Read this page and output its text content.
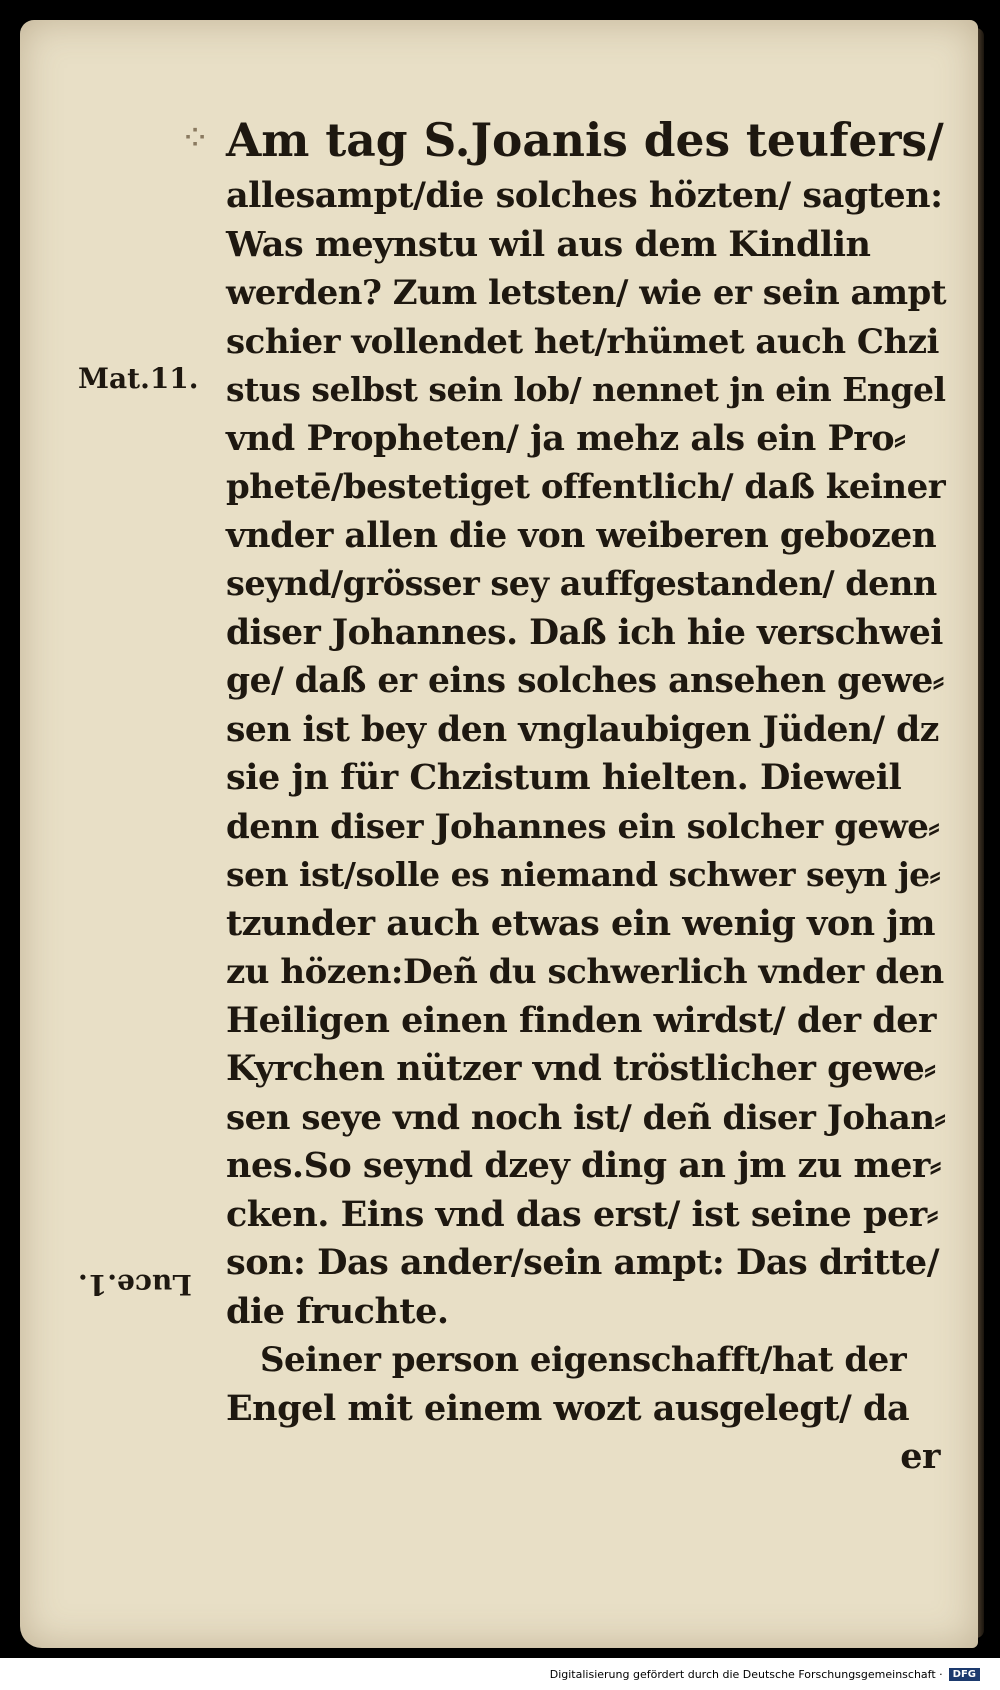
⁘
Mat.11.
Luce.1.
Am tag S.Joanis des teufers/
allesampt/die solches hözten/ sagten:
Was meynstu wil aus dem Kindlin
werden? Zum letsten/ wie er sein ampt
schier vollendet het/rhümet auch Chzi
stus selbst sein lob/ nennet jn ein Engel
vnd Propheten/ ja mehz als ein Pro⸗
phetē/bestetiget offentlich/ daß keiner
vnder allen die von weiberen gebozen
seynd/grösser sey auffgestanden/ denn
diser Johannes. Daß ich hie verschwei
ge/ daß er eins solches ansehen gewe⸗
sen ist bey den vnglaubigen Jüden/ dz
sie jn für Chzistum hielten. Dieweil
denn diser Johannes ein solcher gewe⸗
sen ist/solle es niemand schwer seyn je⸗
tzunder auch etwas ein wenig von jm
zu hözen:Deñ du schwerlich vnder den
Heiligen einen finden wirdst/ der der
Kyrchen nützer vnd tröstlicher gewe⸗
sen seye vnd noch ist/ deñ diser Johan⸗
nes.So seynd dzey ding an jm zu mer⸗
cken. Eins vnd das erst/ ist seine per⸗
son: Das ander/sein ampt: Das dritte/
die fruchte.
Seiner person eigenschafft/hat der
Engel mit einem wozt ausgelegt/ da
er
Digitalisierung gefördert durch die Deutsche Forschungsgemeinschaft ·	DFG
